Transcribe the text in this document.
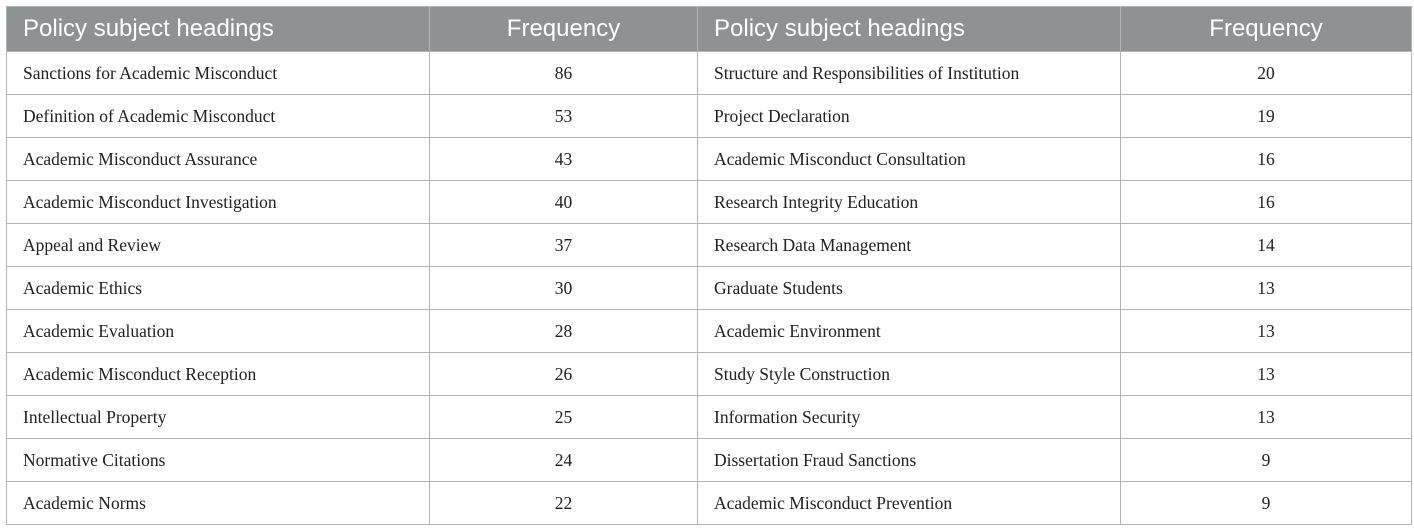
Policy subject headings	Frequency	Policy subject headings	Frequency
Sanctions for Academic Misconduct	86	Structure and Responsibilities of Institution	20
Definition of Academic Misconduct	53	Project Declaration	19
Academic Misconduct Assurance	43	Academic Misconduct Consultation	16
Academic Misconduct Investigation	40	Research Integrity Education	16
Appeal and Review	37	Research Data Management	14
Academic Ethics	30	Graduate Students	13
Academic Evaluation	28	Academic Environment	13
Academic Misconduct Reception	26	Study Style Construction	13
Intellectual Property	25	Information Security	13
Normative Citations	24	Dissertation Fraud Sanctions	9
Academic Norms	22	Academic Misconduct Prevention	9
